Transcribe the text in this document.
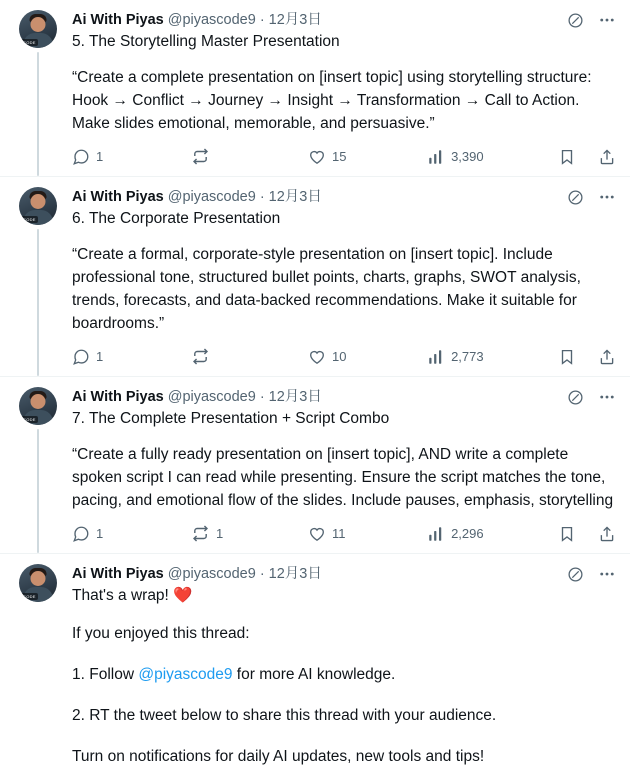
CODE
Ai With Piyas @piyascode9 · 12月3日
5. The Storytelling Master Presentation
“Create a complete presentation on [insert topic] using storytelling structure: Hook → Conflict → Journey → Insight → Transformation → Call to Action. Make slides emotional, memorable, and persuasive.”
1	15	3,390
CODE
Ai With Piyas @piyascode9 · 12月3日
6. The Corporate Presentation
“Create a formal, corporate-style presentation on [insert topic]. Include professional tone, structured bullet points, charts, graphs, SWOT analysis, trends, forecasts, and data-backed recommendations. Make it suitable for boardrooms.”
1	10	2,773
CODE
Ai With Piyas @piyascode9 · 12月3日
7. The Complete Presentation + Script Combo
“Create a fully ready presentation on [insert topic], AND write a complete spoken script I can read while presenting. Ensure the script matches the tone, pacing, and emotional flow of the slides. Include pauses, emphasis, storytelling
1	1	11	2,296
CODE
Ai With Piyas @piyascode9 · 12月3日
That's a wrap! ❤️

If you enjoyed this thread:

1. Follow @piyascode9 for more AI knowledge.

2. RT the tweet below to share this thread with your audience.

Turn on notifications for daily AI updates, new tools and tips!
